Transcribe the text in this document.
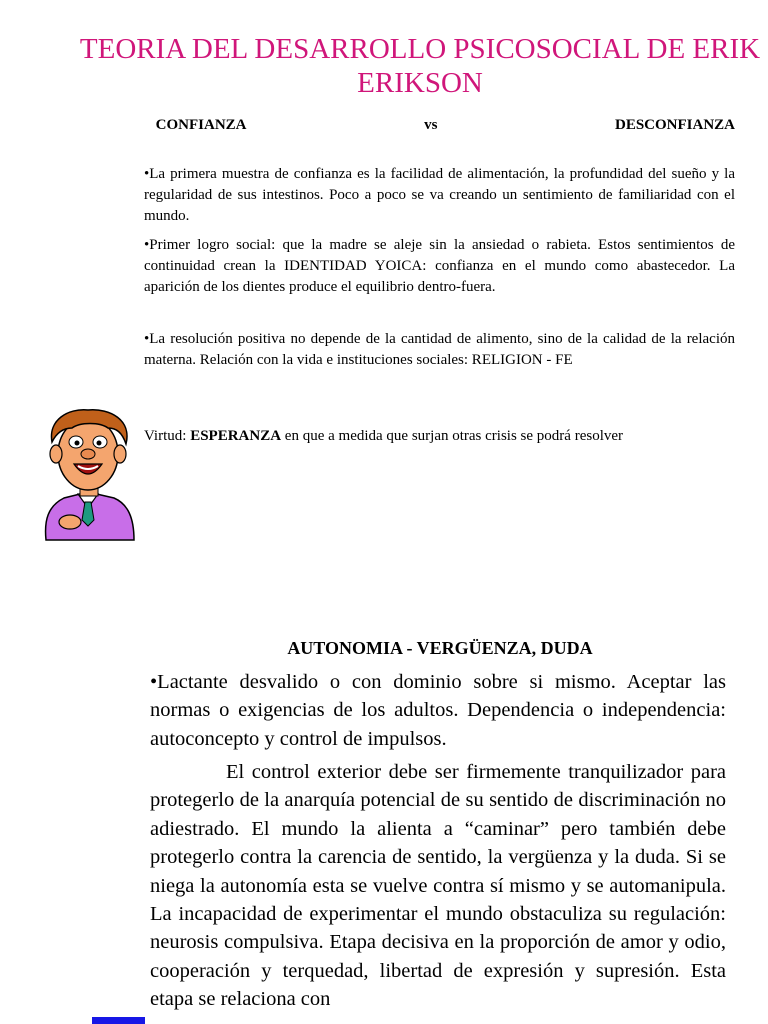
TEORIA DEL DESARROLLO PSICOSOCIAL DE ERIK ERIKSON
CONFIANZA	vs	DESCONFIANZA

•La primera muestra de confianza es la facilidad de alimentación, la profundidad del sueño y la regularidad de sus intestinos. Poco a poco se va creando un sentimiento de familiaridad con el mundo.

•Primer logro social: que la madre se aleje sin la ansiedad o rabieta. Estos sentimientos de continuidad crean la IDENTIDAD YOICA: confianza en el mundo como abastecedor. La aparición de los dientes produce el equilibrio dentro-fuera.

•La resolución positiva no depende de la cantidad de alimento, sino de la calidad de la relación materna. Relación con la vida e instituciones sociales: RELIGION - FE

Virtud: ESPERANZA en que a medida que surjan otras crisis se podrá resolver
AUTONOMIA - VERGÜENZA, DUDA

•Lactante desvalido o con dominio sobre si mismo. Aceptar las normas o exigencias de los adultos. Dependencia o independencia: autoconcepto y control de impulsos.

El control exterior debe ser firmemente tranquilizador para protegerlo de la anarquía potencial de su sentido de discriminación no adiestrado. El mundo la alienta a “caminar” pero también debe protegerlo contra la carencia de sentido, la vergüenza y la duda. Si se niega la autonomía esta se vuelve contra sí mismo y se automanipula. La incapacidad de experimentar el mundo obstaculiza su regulación: neurosis compulsiva. Etapa decisiva en la proporción de amor y odio, cooperación y terquedad, libertad de expresión y supresión. Esta etapa se relaciona con
